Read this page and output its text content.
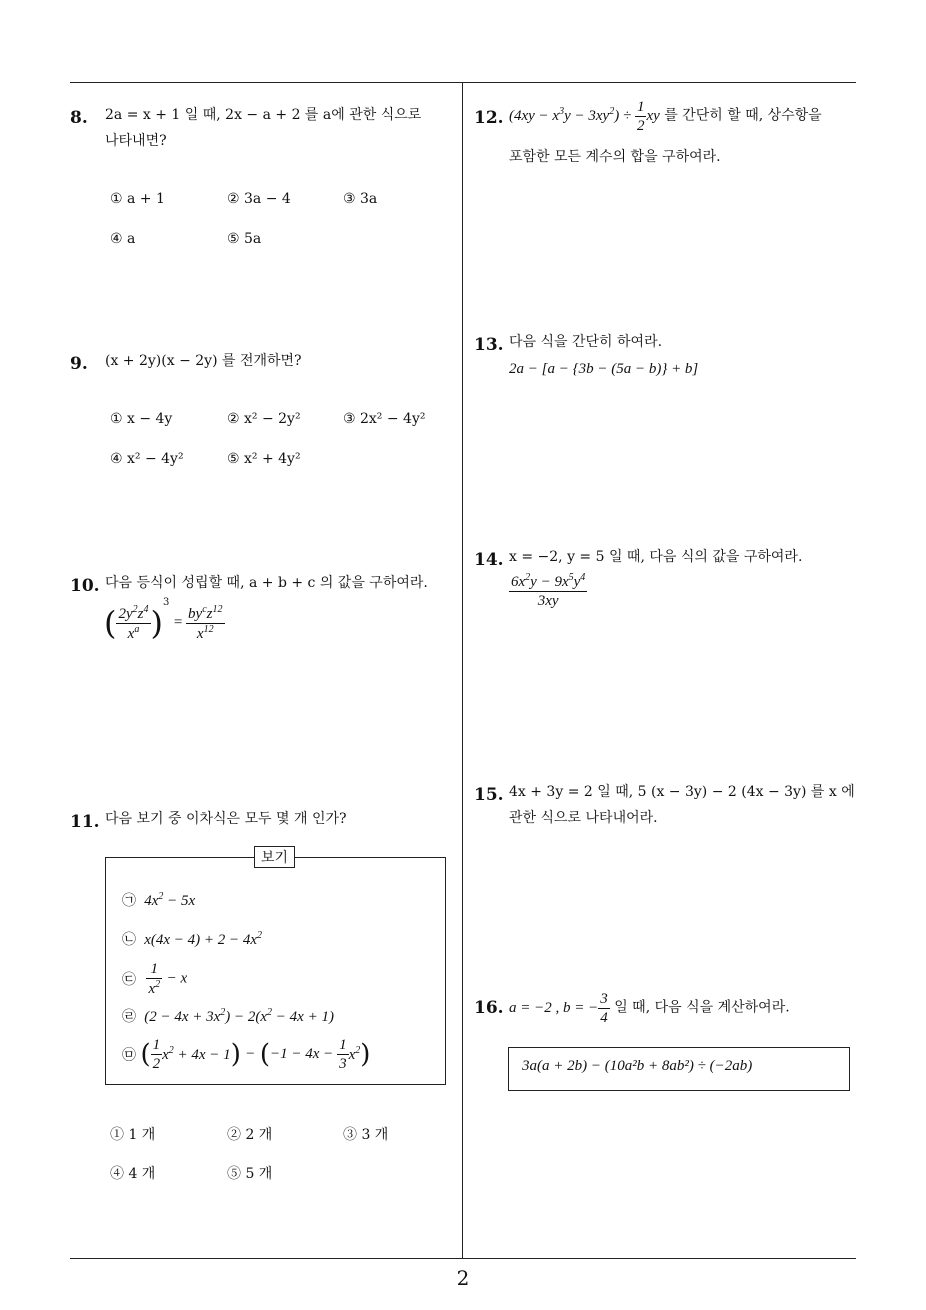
8. 2a = x + 1 일 때, 2x − a + 2 를 a에 관한 식으로
나타내면?
① a + 1	② 3a − 4	③ 3a
④ a	⑤ 5a
9. (x + 2y)(x − 2y) 를 전개하면?
① x − 4y	② x² − 2y²	③ 2x² − 4y²
④ x² − 4y²	⑤ x² + 4y²
10. 다음 등식이 성립할 때, a + b + c 의 값을 구하여라.
( $\frac{2y^2z^4}{x^a} )^3 = \frac{by^cz^{12}}{x^{12}}$
11. 다음 보기 중 이차식은 모두 몇 개 인가?
보기
㉠  $4x^2 - 5x$
㉡  $x(4x - 4) + 2 - 4x^2$
㉢ $\frac{1}{x^2} - x$
㉣  $(2 - 4x + 3x^2) - 2(x^2 - 4x + 1)$
㉤ ( $\frac{1}{2} x^2 + 4x - 1) - (-1 - 4x - \frac{1}{3} x^2)$
① 1 개	② 2 개	③ 3 개
④ 4 개	⑤ 5 개
12. $(4xy - x^3y - 3xy^2) \div \frac{1}{2}$ xy 를 간단히 할 때, 상수항을
포함한 모든 계수의 합을 구하여라.
13. 다음 식을 간단히 하여라.
2a − [a − {3b − (5a − b)} + b]
14. x = −2, y = 5 일 때, 다음 식의 값을 구하여라.
$\frac{6x^2y - 9x^5y^4}{3xy}$
15. 4x + 3y = 2 일 때, 5 (x − 3y) − 2 (4x − 3y) 를 x 에
관한 식으로 나타내어라.
16. a = −2 , b = − $\frac{3}{4}$ 일 때, 다음 식을 계산하여라.
3a(a + 2b) − (10a²b + 8ab²) ÷ (−2ab)
2
